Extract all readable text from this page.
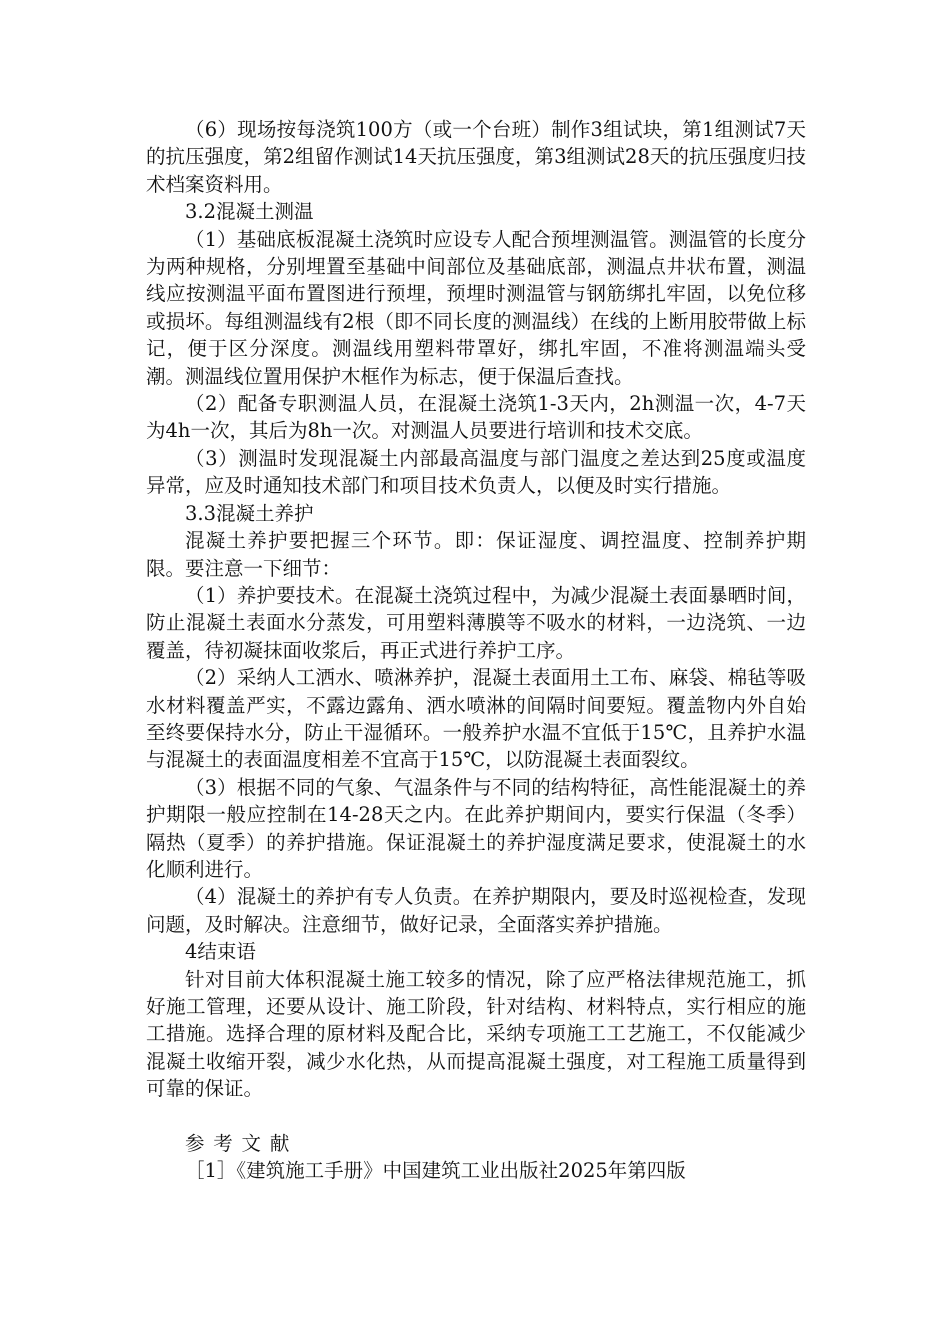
（6）现场按每浇筑100方（或一个台班）制作3组试块，第1组测试7天的抗压强度，第2组留作测试14天抗压强度，第3组测试28天的抗压强度归技术档案资料用。

3.2混凝土测温

（1）基础底板混凝土浇筑时应设专人配合预埋测温管。测温管的长度分为两种规格，分别埋置至基础中间部位及基础底部，测温点井状布置，测温线应按测温平面布置图进行预埋，预埋时测温管与钢筋绑扎牢固，以免位移或损坏。每组测温线有2根（即不同长度的测温线）在线的上断用胶带做上标记，便于区分深度。测温线用塑料带罩好，绑扎牢固，不准将测温端头受潮。测温线位置用保护木框作为标志，便于保温后查找。

（2）配备专职测温人员，在混凝土浇筑1-3天内，2h测温一次，4-7天为4h一次，其后为8h一次。对测温人员要进行培训和技术交底。

（3）测温时发现混凝土内部最高温度与部门温度之差达到25度或温度异常，应及时通知技术部门和项目技术负责人，以便及时实行措施。

3.3混凝土养护

混凝土养护要把握三个环节。即：保证湿度、调控温度、控制养护期限。要注意一下细节：

（1）养护要技术。在混凝土浇筑过程中，为减少混凝土表面暴晒时间，防止混凝土表面水分蒸发，可用塑料薄膜等不吸水的材料，一边浇筑、一边覆盖，待初凝抹面收浆后，再正式进行养护工序。

（2）采纳人工洒水、喷淋养护，混凝土表面用土工布、麻袋、棉毡等吸水材料覆盖严实，不露边露角、洒水喷淋的间隔时间要短。覆盖物内外自始至终要保持水分，防止干湿循环。一般养护水温不宜低于15℃，且养护水温与混凝土的表面温度相差不宜高于15℃，以防混凝土表面裂纹。

（3）根据不同的气象、气温条件与不同的结构特征，高性能混凝土的养护期限一般应控制在14-28天之内。在此养护期间内，要实行保温（冬季）隔热（夏季）的养护措施。保证混凝土的养护湿度满足要求，使混凝土的水化顺利进行。

（4）混凝土的养护有专人负责。在养护期限内，要及时巡视检查，发现问题，及时解决。注意细节，做好记录，全面落实养护措施。

4结束语

针对目前大体积混凝土施工较多的情况，除了应严格法律规范施工，抓好施工管理，还要从设计、施工阶段，针对结构、材料特点，实行相应的施工措施。选择合理的原材料及配合比，采纳专项施工工艺施工，不仅能减少混凝土收缩开裂，减少水化热，从而提高混凝土强度，对工程施工质量得到可靠的保证。

参考文献

［1］《建筑施工手册》中国建筑工业出版社2025年第四版
